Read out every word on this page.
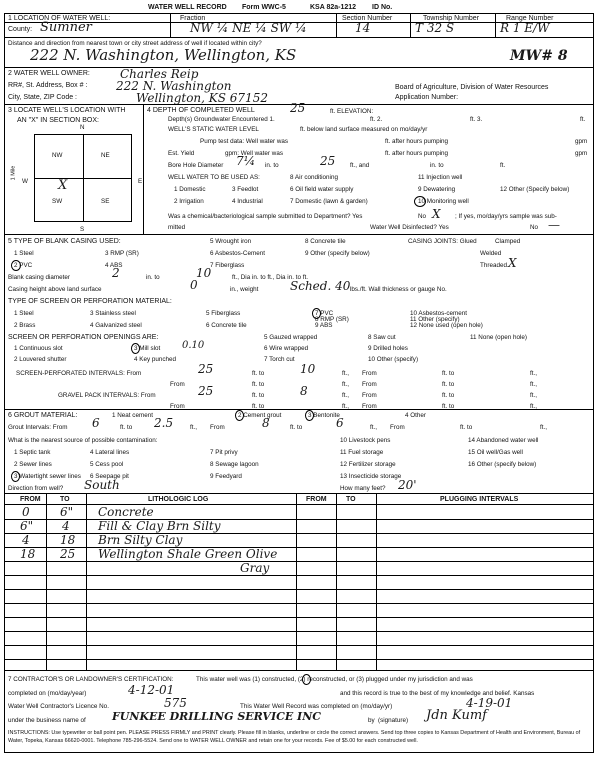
WATER WELL RECORD Form WWC-5	KSA 82a-1212 ID No.
1 LOCATION OF WATER WELL:	Fraction	Section Number	Township Number	Range Number
County: Sumner	NW ¼ NE ¼ SW ¼	14	T 32 S	R 1 E/W
Distance and direction from nearest town or city street address of well if located within city?
222 N. Washington, Wellington, KS	MW# 8
2 WATER WELL OWNER:
RR#, St. Address, Box # :
City, State, ZIP Code :
Charles Reip
222 N. Washington
Wellington, KS 67152
Board of Agriculture, Division of Water Resources
Application Number:
3 LOCATE WELL'S LOCATION WITH
AN "X" IN SECTION BOX:
N
S
W	E
NW	NE
SW	SE
X
1 Mile
4 DEPTH OF COMPLETED WELL	25	ft. ELEVATION:
Depth(s) Groundwater Encountered 1.	ft. 2.	ft. 3.	ft.
WELL'S STATIC WATER LEVEL	ft. below land surface measured on mo/day/yr
Pump test data: Well water was	ft. after hours pumping	gpm
Est. Yield	gpm: Well water was	ft. after hours pumping	gpm
Bore Hole Diameter 7¼ in. to	25 ft., and	in. to	ft.
WELL WATER TO BE USED AS:	8 Air conditioning	11 Injection well
1 Domestic	3 Feedlot	6 Oil field water supply	9 Dewatering	12 Other (Specify below)
2 Irrigation	4 Industrial	7 Domestic (lawn & garden)	10 Monitoring well
Was a chemical/bacteriological sample submitted to Department? Yes	No X ; If yes, mo/day/yrs sample was sub-
mitted	Water Well Disinfected? Yes	No —
5 TYPE OF BLANK CASING USED:	5 Wrought iron	8 Concrete tile	CASING JOINTS: Glued	Clamped
1 Steel	3 RMP (SR)	6 Asbestos-Cement	9 Other (specify below)	Welded
2 PVC	4 ABS	7 Fiberglass	Threaded X
Blank casing diameter	2	in. to	10	ft., Dia in. to ft., Dia in. to ft.
Casing height above land surface	0	in., weight	Sched. 40 lbs./ft. Wall thickness or gauge No.
TYPE OF SCREEN OR PERFORATION MATERIAL:
1 Steel	3 Stainless steel	5 Fiberglass	7 PVC	10 Asbestos-cement
2 Brass	4 Galvanized steel	6 Concrete tile	9 ABS	12 None used (open hole)
8 RMP (SR)	11 Other (specify)
SCREEN OR PERFORATION OPENINGS ARE:	5 Gauzed wrapped	8 Saw cut	11 None (open hole)
1 Continuous slot	3 Mill slot 0.10	6 Wire wrapped	9 Drilled holes
2 Louvered shutter	4 Key punched	7 Torch cut	10 Other (specify)
SCREEN-PERFORATED INTERVALS: From	25	ft. to	10	ft., From	ft. to	ft.,
From	ft. to	ft., From	ft. to	ft.,
GRAVEL PACK INTERVALS: From	25	ft. to	8	ft., From	ft. to	ft.,
From	ft. to	ft., From	ft. to	ft.,
6 GROUT MATERIAL:	1 Neat cement	2 Cement grout	3 Bentonite	4 Other
Grout Intervals: From 6	ft. to 2.5	ft., From	8	ft. to	6	ft., From	ft. to	ft.,
What is the nearest source of possible contamination:
1 Septic tank	4 Lateral lines	7 Pit privy
10 Livestock pens	14 Abandoned water well
2 Sewer lines	5 Cess pool	8 Sewage lagoon
11 Fuel storage	15 Oil well/Gas well
3 Watertight sewer lines 6 Seepage pit	9 Feedyard
12 Fertilizer storage	16 Other (specify below)
13 Insecticide storage
Direction from well? South	How many feet? 20'
FROM	TO	LITHOLOGIC LOG	FROM	TO	PLUGGING INTERVALS
0	6" Concrete
6" 4 Fill & Clay Brn Silty
4	18 Brn Silty Clay
18 25 Wellington Shale Green Olive
Gray
7 CONTRACTOR'S OR LANDOWNER'S CERTIFICATION:	This water well was (1) constructed, (2) reconstructed, or (3) plugged under my jurisdiction and was
completed on (mo/day/year)	4-12-01	and this record is true to the best of my knowledge and belief. Kansas
Water Well Contractor's Licence No.	575	This Water Well Record was completed on (mo/day/yr)	4-19-01
under the business name of FUNKEE DRILLING SERVICE INC	by (signature) Jdn Kumf
INSTRUCTIONS: Use typewriter or ball point pen. PLEASE PRESS FIRMLY and PRINT clearly. Please fill in blanks, underline or circle the correct answers. Send top three copies to Kansas Department of Health and Environment, Bureau of Water, Topeka, Kansas 66620-0001. Telephone 785-296-5524. Send one to WATER WELL OWNER and retain one for your records. Fee of $5.00 for each constructed well.
